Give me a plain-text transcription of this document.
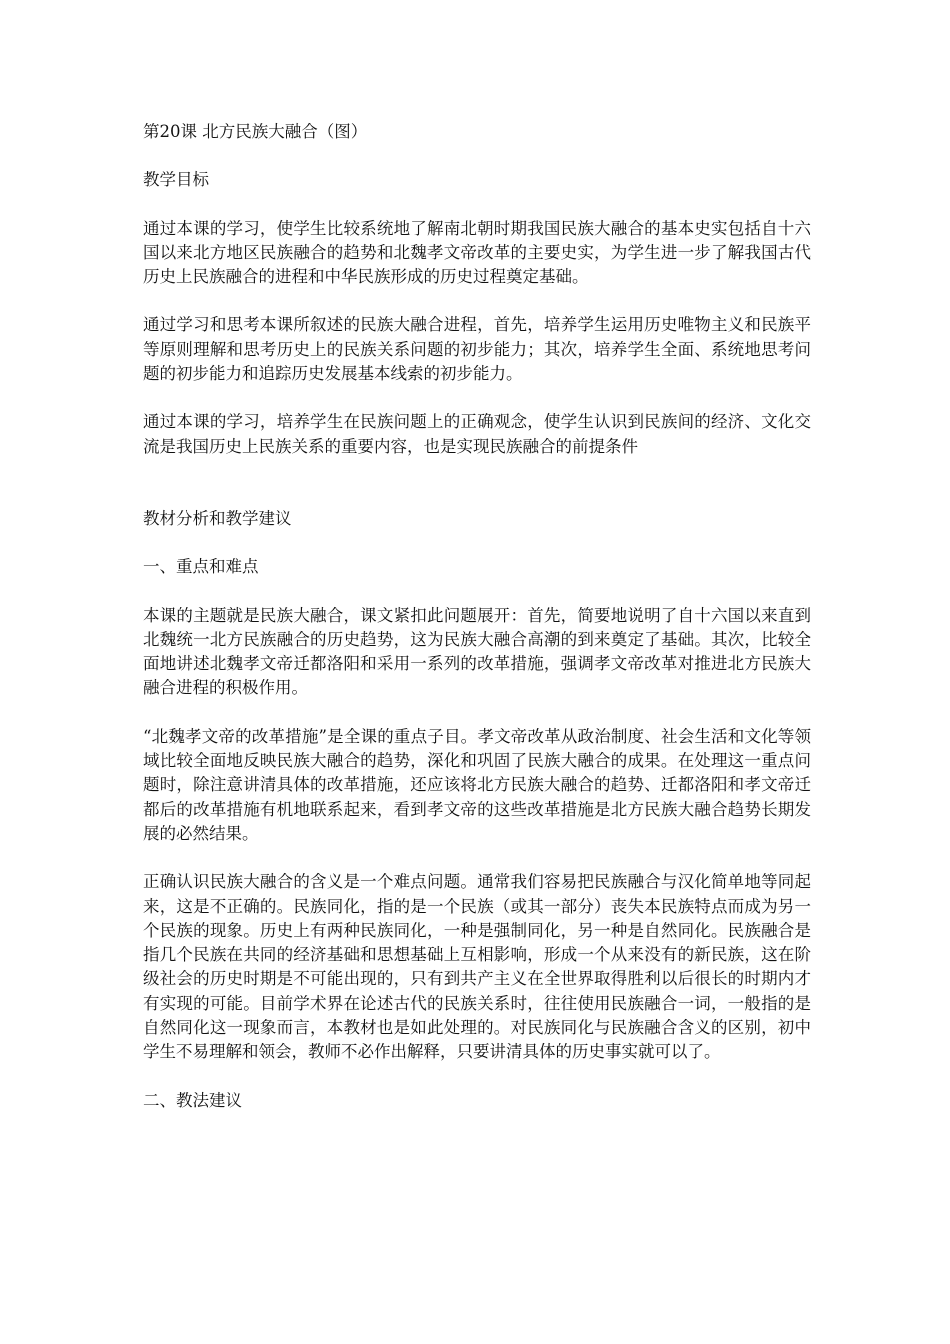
第20课 北方民族大融合（图）

教学目标

通过本课的学习，使学生比较系统地了解南北朝时期我国民族大融合的基本史实包括自十六国以来北方地区民族融合的趋势和北魏孝文帝改革的主要史实，为学生进一步了解我国古代历史上民族融合的进程和中华民族形成的历史过程奠定基础。

通过学习和思考本课所叙述的民族大融合进程，首先，培养学生运用历史唯物主义和民族平等原则理解和思考历史上的民族关系问题的初步能力；其次，培养学生全面、系统地思考问题的初步能力和追踪历史发展基本线索的初步能力。

通过本课的学习，培养学生在民族问题上的正确观念，使学生认识到民族间的经济、文化交流是我国历史上民族关系的重要内容，也是实现民族融合的前提条件

教材分析和教学建议

一、重点和难点

本课的主题就是民族大融合，课文紧扣此问题展开：首先，简要地说明了自十六国以来直到北魏统一北方民族融合的历史趋势，这为民族大融合高潮的到来奠定了基础。其次，比较全面地讲述北魏孝文帝迁都洛阳和采用一系列的改革措施，强调孝文帝改革对推进北方民族大融合进程的积极作用。

“北魏孝文帝的改革措施”是全课的重点子目。孝文帝改革从政治制度、社会生活和文化等领域比较全面地反映民族大融合的趋势，深化和巩固了民族大融合的成果。在处理这一重点问题时，除注意讲清具体的改革措施，还应该将北方民族大融合的趋势、迁都洛阳和孝文帝迁都后的改革措施有机地联系起来，看到孝文帝的这些改革措施是北方民族大融合趋势长期发展的必然结果。

正确认识民族大融合的含义是一个难点问题。通常我们容易把民族融合与汉化简单地等同起来，这是不正确的。民族同化，指的是一个民族（或其一部分）丧失本民族特点而成为另一个民族的现象。历史上有两种民族同化，一种是强制同化，另一种是自然同化。民族融合是指几个民族在共同的经济基础和思想基础上互相影响，形成一个从来没有的新民族，这在阶级社会的历史时期是不可能出现的，只有到共产主义在全世界取得胜利以后很长的时期内才有实现的可能。目前学术界在论述古代的民族关系时，往往使用民族融合一词，一般指的是自然同化这一现象而言，本教材也是如此处理的。对民族同化与民族融合含义的区别，初中学生不易理解和领会，教师不必作出解释，只要讲清具体的历史事实就可以了。

二、教法建议
